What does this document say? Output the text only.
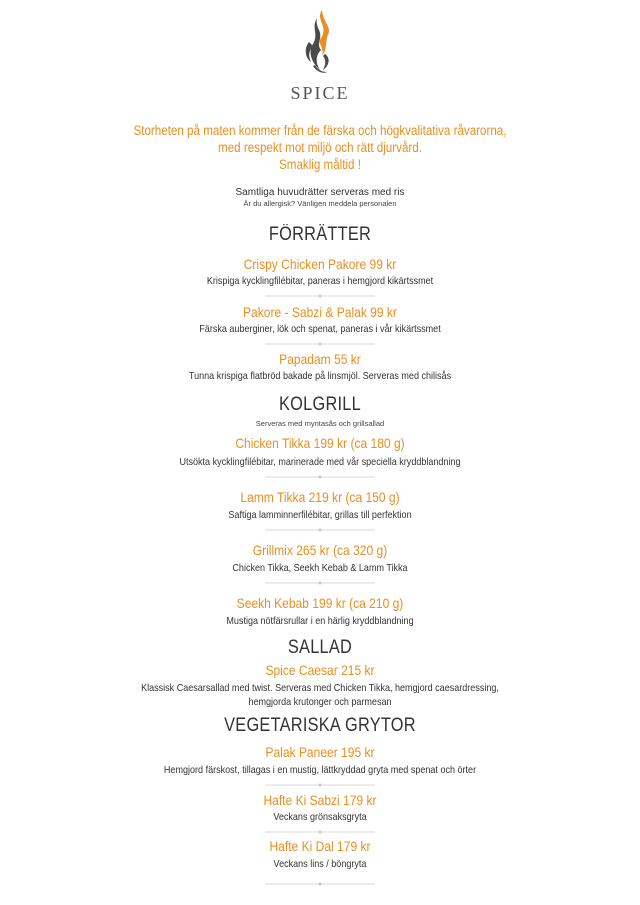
SPICE
Storheten på maten kommer från de färska och högkvalitativa råvarorna,
med respekt mot miljö och rätt djurvård.
Smaklig måltid !
Samtliga huvudrätter serveras med ris
Är du allergisk? Vänligen meddela personalen
FÖRRÄTTER
Crispy Chicken Pakore 99 kr
Krispiga kycklingfilébitar, paneras i hemgjord kikärtssmet
Pakore - Sabzi & Palak 99 kr
Färska auberginer, lök och spenat, paneras i vår kikärtssmet
Papadam 55 kr
Tunna krispiga flatbröd bakade på linsmjöl. Serveras med chilisås
KOLGRILL
Serveras med myntasås och grillsallad
Chicken Tikka 199 kr (ca 180 g)
Utsökta kycklingfilébitar, marinerade med vår speciella kryddblandning
Lamm Tikka 219 kr (ca 150 g)
Saftiga lamminnerfilébitar, grillas till perfektion
Grillmix 265 kr (ca 320 g)
Chicken Tikka, Seekh Kebab & Lamm Tikka
Seekh Kebab 199 kr (ca 210 g)
Mustiga nötfärsrullar i en härlig kryddblandning
SALLAD
Spice Caesar 215 kr
Klassisk Caesarsallad med twist. Serveras med Chicken Tikka, hemgjord caesardressing,
hemgjorda krutonger och parmesan
VEGETARISKA GRYTOR
Palak Paneer 195 kr
Hemgjord färskost, tillagas i en mustig, lättkryddad gryta med spenat och örter
Hafte Ki Sabzi 179 kr
Veckans grönsaksgryta
Hafte Ki Dal 179 kr
Veckans lins / böngryta
